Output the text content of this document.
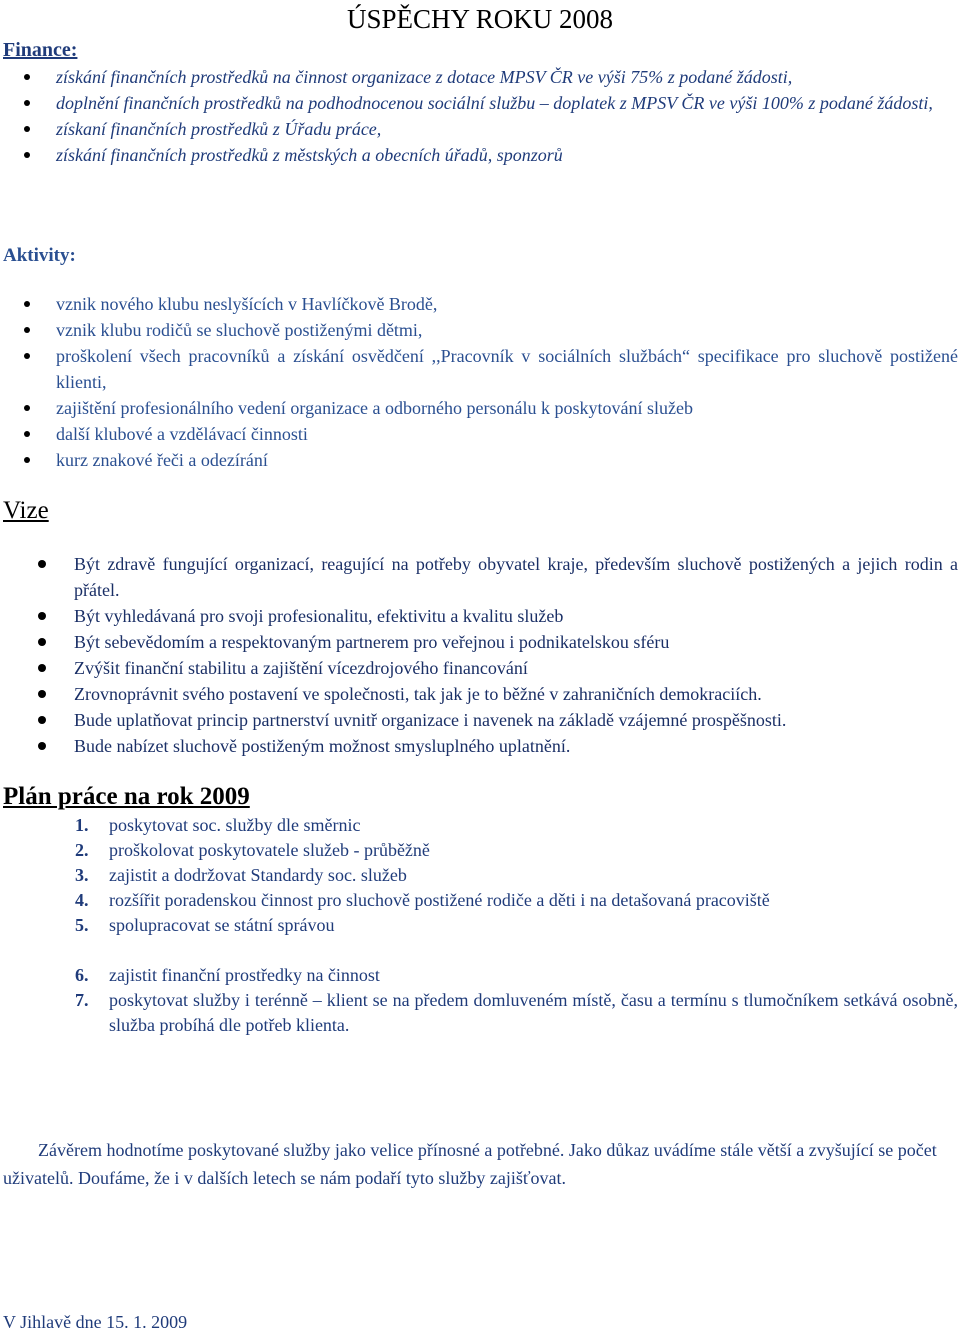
ÚSPĚCHY ROKU 2008
Finance:
získání finančních prostředků na činnost organizace z dotace MPSV ČR ve výši 75% z podané žádosti,
doplnění finančních prostředků na podhodnocenou sociální službu – doplatek z MPSV ČR ve výši 100% z podané žádosti,
získaní finančních prostředků z Úřadu práce,
získání finančních prostředků z městských a obecních úřadů, sponzorů
Aktivity:
vznik nového klubu neslyšících v Havlíčkově Brodě,
vznik klubu rodičů se sluchově postiženými dětmi,
proškolení všech pracovníků a získání osvědčení ,,Pracovník v sociálních službách“ specifikace pro sluchově postižené klienti,
zajištění profesionálního vedení organizace a odborného personálu k poskytování služeb
další klubové a vzdělávací činnosti
kurz znakové řeči a odezírání
Vize
Být zdravě fungující organizací, reagující na potřeby obyvatel kraje, především sluchově postižených a jejich rodin a přátel.
Být vyhledávaná pro svoji profesionalitu, efektivitu a kvalitu služeb
Být sebevědomím a respektovaným partnerem pro veřejnou i podnikatelskou sféru
Zvýšit finanční stabilitu a zajištění vícezdrojového financování
Zrovnoprávnit svého postavení ve společnosti, tak jak je to běžné v zahraničních demokraciích.
Bude uplatňovat princip partnerství uvnitř organizace i navenek na základě vzájemné prospěšnosti.
Bude nabízet sluchově postiženým možnost smysluplného uplatnění.
Plán práce na rok 2009
1. poskytovat soc. služby dle směrnic
2. proškolovat poskytovatele služeb - průběžně
3. zajistit a dodržovat Standardy soc. služeb
4. rozšířit poradenskou činnost pro sluchově postižené rodiče a děti i na detašovaná pracoviště
5. spolupracovat se státní správou
6. zajistit finanční prostředky na činnost
7. poskytovat služby i terénně – klient se na předem domluveném místě, času a termínu s tlumočníkem setkává osobně, služba probíhá dle potřeb klienta.

Závěrem hodnotíme poskytované služby jako velice přínosné a potřebné. Jako důkaz uvádíme stále větší a zvyšující se počet uživatelů. Doufáme, že i v dalších letech se nám podaří tyto služby zajišťovat.

V Jihlavě dne 15. 1. 2009
